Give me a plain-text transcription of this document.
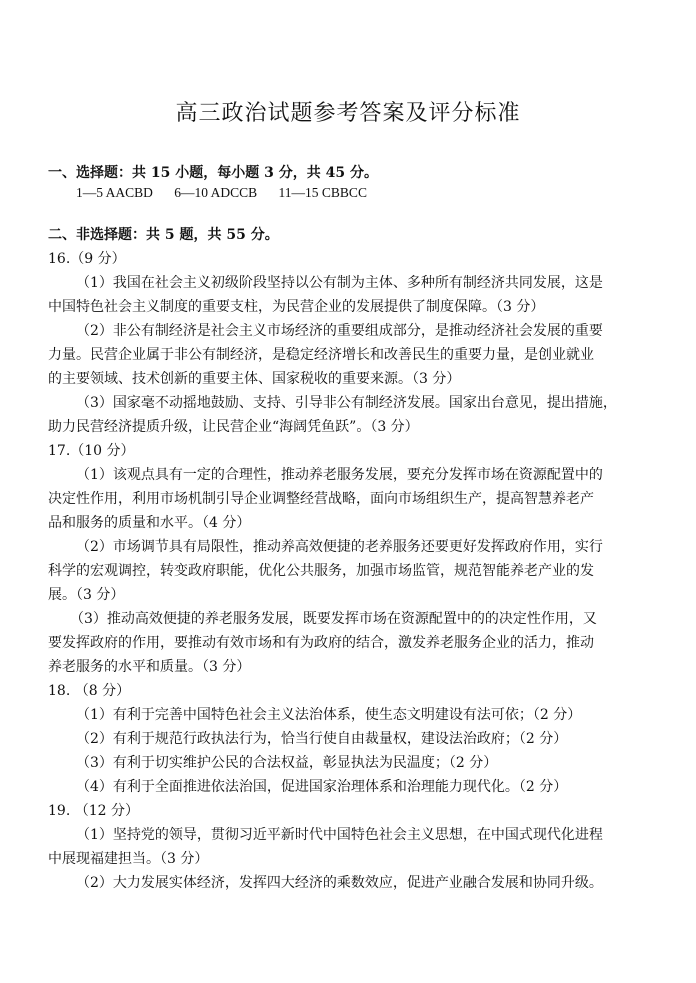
高三政治试题参考答案及评分标准
一、选择题：共 15 小题，每小题 3 分，共 45 分。
1—5 AACBD 6—10 ADCCB 11—15 CBBCC
二、非选择题：共 5 题，共 55 分。
16.（9 分）
（1）我国在社会主义初级阶段坚持以公有制为主体、多种所有制经济共同发展，这是
中国特色社会主义制度的重要支柱，为民营企业的发展提供了制度保障。（3 分）
（2）非公有制经济是社会主义市场经济的重要组成部分，是推动经济社会发展的重要
力量。民营企业属于非公有制经济，是稳定经济增长和改善民生的重要力量，是创业就业
的主要领域、技术创新的重要主体、国家税收的重要来源。（3 分）
（3）国家毫不动摇地鼓励、支持、引导非公有制经济发展。国家出台意见，提出措施，
助力民营经济提质升级，让民营企业“海阔凭鱼跃”。（3 分）
17.（10 分）
（1）该观点具有一定的合理性，推动养老服务发展，要充分发挥市场在资源配置中的
决定性作用，利用市场机制引导企业调整经营战略，面向市场组织生产，提高智慧养老产
品和服务的质量和水平。（4 分）
（2）市场调节具有局限性，推动养高效便捷的老养服务还要更好发挥政府作用，实行
科学的宏观调控，转变政府职能，优化公共服务，加强市场监管，规范智能养老产业的发
展。（3 分）
（3）推动高效便捷的养老服务发展，既要发挥市场在资源配置中的的决定性作用，又
要发挥政府的作用，要推动有效市场和有为政府的结合，激发养老服务企业的活力，推动
养老服务的水平和质量。（3 分）
18. （8 分）
（1）有利于完善中国特色社会主义法治体系，使生态文明建设有法可依；（2 分）
（2）有利于规范行政执法行为，恰当行使自由裁量权，建设法治政府；（2 分）
（3）有利于切实维护公民的合法权益，彰显执法为民温度；（2 分）
（4）有利于全面推进依法治国，促进国家治理体系和治理能力现代化。（2 分）
19. （12 分）
（1）坚持党的领导，贯彻习近平新时代中国特色社会主义思想，在中国式现代化进程
中展现福建担当。（3 分）
（2）大力发展实体经济，发挥四大经济的乘数效应，促进产业融合发展和协同升级。
